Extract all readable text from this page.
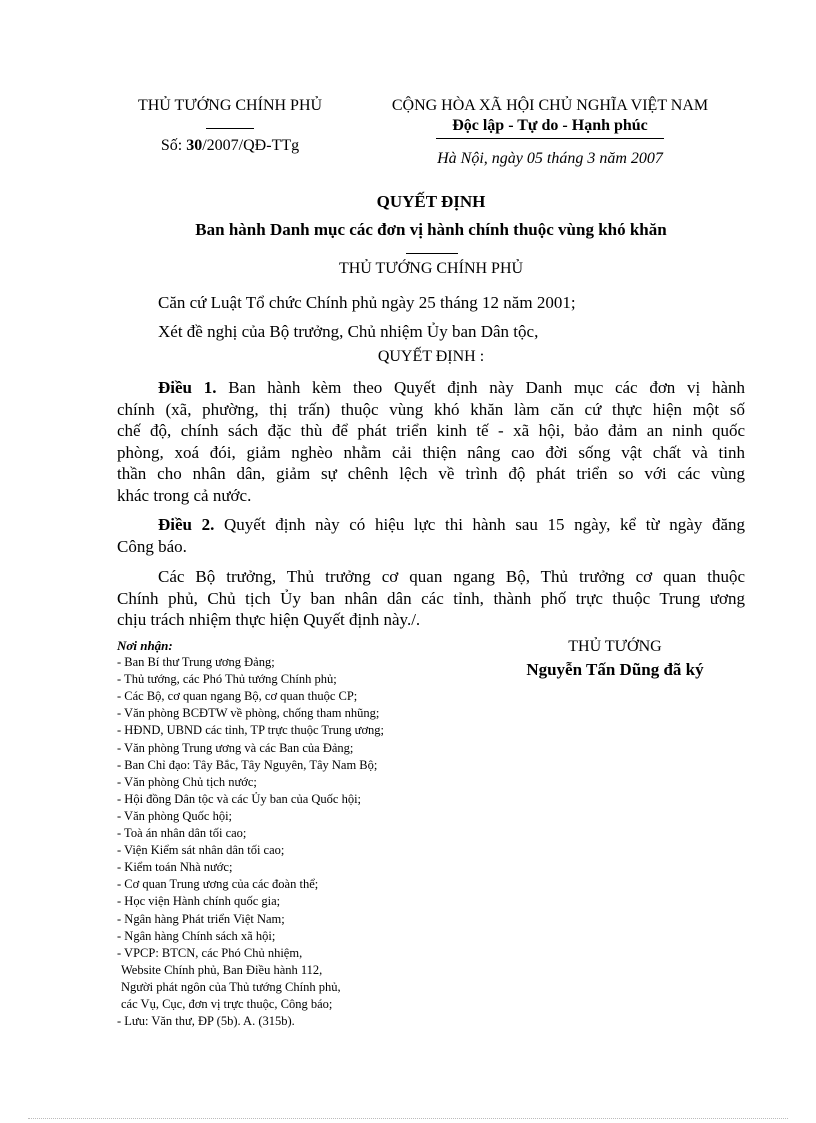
THỦ TƯỚNG CHÍNH PHỦ
Số: 30/2007/QĐ-TTg
CỘNG HÒA XÃ HỘI CHỦ NGHĨA VIỆT NAM
Độc lập - Tự do - Hạnh phúc
Hà Nội, ngày 05 tháng 3 năm 2007
QUYẾT ĐỊNH
Ban hành Danh mục các đơn vị hành chính thuộc vùng khó khăn
THỦ TƯỚNG CHÍNH PHỦ
Căn cứ Luật Tổ chức Chính phủ ngày 25 tháng 12 năm 2001;
Xét đề nghị của Bộ trưởng, Chủ nhiệm Ủy ban Dân tộc,
QUYẾT ĐỊNH :
Điều 1. Ban hành kèm theo Quyết định này Danh mục các đơn vị hành
chính (xã, phường, thị trấn) thuộc vùng khó khăn làm căn cứ thực hiện một số
chế độ, chính sách đặc thù để phát triển kinh tế - xã hội, bảo đảm an ninh quốc
phòng, xoá đói, giảm nghèo nhằm cải thiện nâng cao đời sống vật chất và tinh
thần cho nhân dân, giảm sự chênh lệch về trình độ phát triển so với các vùng
khác trong cả nước.
Điều 2. Quyết định này có hiệu lực thi hành sau 15 ngày, kể từ ngày đăng
Công báo.
Các Bộ trưởng, Thủ trưởng cơ quan ngang Bộ, Thủ trưởng cơ quan thuộc
Chính phủ, Chủ tịch Ủy ban nhân dân các tỉnh, thành phố trực thuộc Trung ương
chịu trách nhiệm thực hiện Quyết định này./.
Nơi nhận:
- Ban Bí thư Trung ương Đảng;
- Thủ tướng, các Phó Thủ tướng Chính phủ;
- Các Bộ, cơ quan ngang Bộ, cơ quan thuộc CP;
- Văn phòng BCĐTW về phòng, chống tham nhũng;
- HĐND, UBND các tỉnh, TP trực thuộc Trung ương;
- Văn phòng Trung ương và các Ban của Đảng;
- Ban Chỉ đạo: Tây Bắc, Tây Nguyên, Tây Nam Bộ;
- Văn phòng Chủ tịch nước;
- Hội đồng Dân tộc và các Ủy ban của Quốc hội;
- Văn phòng Quốc hội;
- Toà án nhân dân tối cao;
- Viện Kiểm sát nhân dân tối cao;
- Kiểm toán Nhà nước;
- Cơ quan Trung ương của các đoàn thể;
- Học viện Hành chính quốc gia;
- Ngân hàng Phát triển Việt Nam;
- Ngân hàng Chính sách xã hội;
- VPCP: BTCN, các Phó Chủ nhiệm,
Website Chính phủ, Ban Điều hành 112,
Người phát ngôn của Thủ tướng Chính phủ,
các Vụ, Cục, đơn vị trực thuộc, Công báo;
- Lưu: Văn thư, ĐP (5b). A. (315b).
THỦ TƯỚNG
Nguyễn Tấn Dũng đã ký
